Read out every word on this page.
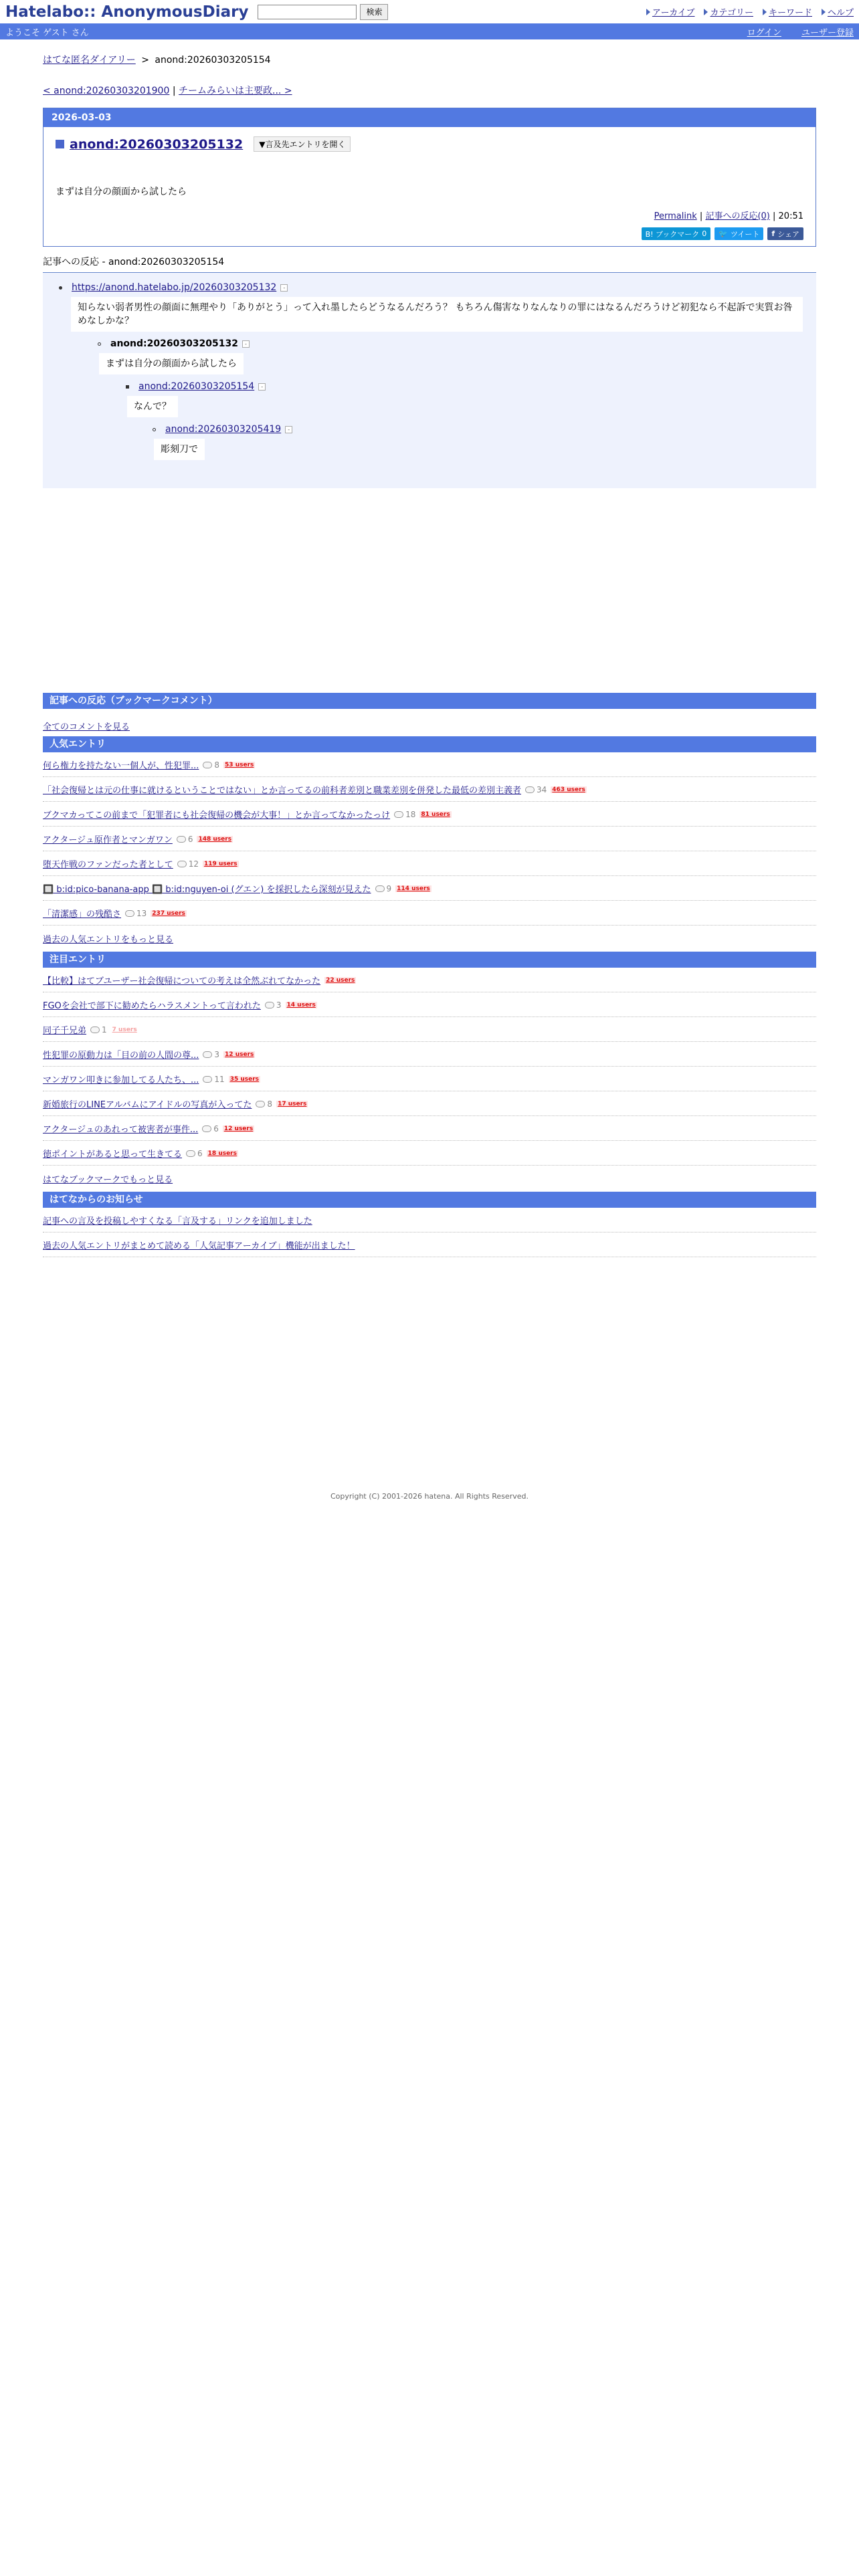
Hatelabo:: AnonymousDiary	検索	アーカイブ カテゴリー キーワード ヘルプ
ようこそ ゲスト さん	ログイン ユーザー登録
はてな匿名ダイアリー > anond:20260303205154
< anond:20260303201900 | チームみらいは主要政... >
2026-03-03
anond:20260303205132	▼言及先エントリを開く
まずは自分の顔面から試したら
Permalink | 記事への反応(0) | 20:51
B! ブックマーク 0 🐦 ツイート f シェア
記事への反応 - anond:20260303205154
https://anond.hatelabo.jp/20260303205132	-
知らない弱者男性の顔面に無理やり「ありがとう」って入れ墨したらどうなるんだろう？ もちろん傷害なりなんなりの罪にはなるんだろうけど初犯なら不起訴で実質お咎めなしかな？
anond:20260303205132	-
まずは自分の顔面から試したら
anond:20260303205154	-
なんで？
anond:20260303205419	-
彫刻刀で
記事への反応（ブックマークコメント）
全てのコメントを見る
人気エントリ
何ら権力を持たない一個人が、性犯罪... 8 53 users
「社会復帰とは元の仕事に就けるということではない」とか言ってるの前科者差別と職業差別を併発した最低の差別主義者 34 463 users
ブクマカってこの前まで「犯罪者にも社会復帰の機会が大事！」とか言ってなかったっけ 18 81 users
アクタージュ原作者とマンガワン 6 148 users
堕天作戦のファンだった者として 12 119 users
🔲 b:id:pico-banana-app 🔲 b:id:nguyen-oi (グエン) を採択したら深刻が見えた 9 114 users
「清潔感」の残酷さ 13 237 users
過去の人気エントリをもっと見る
注目エントリ
【比較】はてブユーザー社会復帰についての考えは全然ぶれてなかった 22 users
FGOを会社で部下に勧めたらハラスメントって言われた 3 14 users
同子千兄弟 1 7 users
性犯罪の原動力は「目の前の人間の尊... 3 12 users
マンガワン叩きに参加してる人たち、... 11 35 users
新婚旅行のLINEアルバムにアイドルの写真が入ってた 8 17 users
アクタージュのあれって被害者が事件... 6 12 users
徳ポイントがあると思って生きてる 6 18 users
はてなブックマークでもっと見る
はてなからのお知らせ
記事への言及を投稿しやすくなる「言及する」リンクを追加しました
過去の人気エントリがまとめて読める「人気記事アーカイブ」機能が出ました！
Copyright (C) 2001-2026 hatena. All Rights Reserved.
